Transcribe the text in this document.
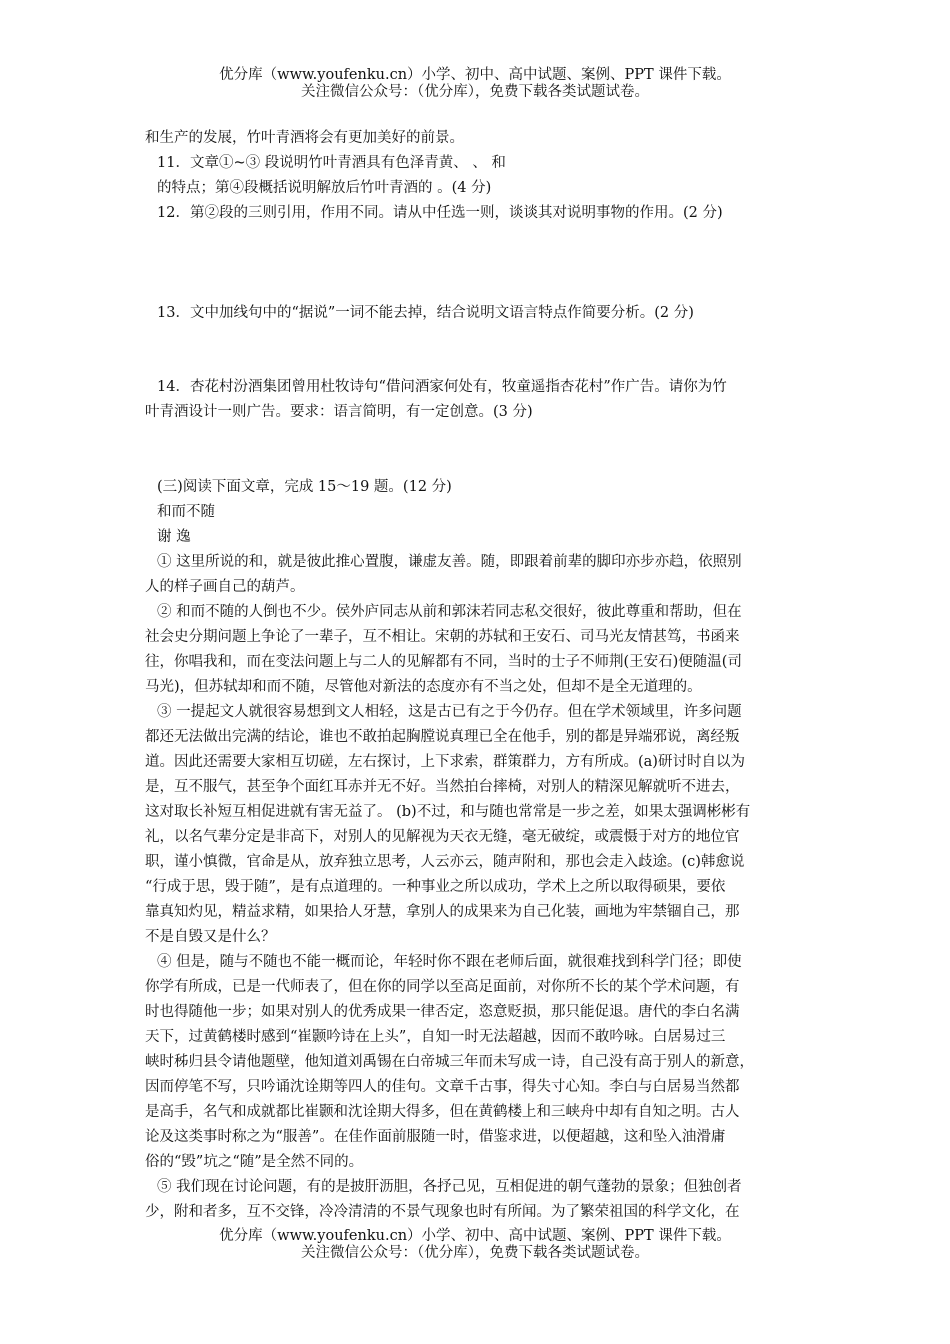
优分库（www.youfenku.cn）小学、初中、高中试题、案例、PPT 课件下载。
关注微信公众号：（优分库），免费下载各类试题试卷。
和生产的发展，竹叶青酒将会有更加美好的前景。
11．文章①~③ 段说明竹叶青酒具有色泽青黄、 、 和
的特点；第④段概括说明解放后竹叶青酒的 。(4 分)
12．第②段的三则引用，作用不同。请从中任选一则，谈谈其对说明事物的作用。(2 分)
13．文中加线句中的“据说”一词不能去掉，结合说明文语言特点作简要分析。(2 分)
14．杏花村汾酒集团曾用杜牧诗句“借问酒家何处有，牧童遥指杏花村”作广告。请你为竹
叶青酒设计一则广告。要求：语言简明，有一定创意。(3 分)
(三)阅读下面文章，完成 15～19 题。(12 分)
和而不随
谢 逸
① 这里所说的和，就是彼此推心置腹，谦虚友善。随，即跟着前辈的脚印亦步亦趋，依照别
人的样子画自己的葫芦。
② 和而不随的人倒也不少。侯外庐同志从前和郭沫若同志私交很好，彼此尊重和帮助，但在
社会史分期问题上争论了一辈子，互不相让。宋朝的苏轼和王安石、司马光友情甚笃，书函来
往，你唱我和，而在变法问题上与二人的见解都有不同，当时的士子不师荆(王安石)便随温(司
马光)，但苏轼却和而不随，尽管他对新法的态度亦有不当之处，但却不是全无道理的。
③ 一提起文人就很容易想到文人相轻，这是古已有之于今仍存。但在学术领域里，许多问题
都还无法做出完满的结论，谁也不敢拍起胸膛说真理已全在他手，别的都是异端邪说，离经叛
道。因此还需要大家相互切磋，左右探讨，上下求索，群策群力，方有所成。(a)研讨时自以为
是，互不服气，甚至争个面红耳赤并无不好。当然拍台摔椅，对别人的精深见解就听不进去，
这对取长补短互相促进就有害无益了。 (b)不过，和与随也常常是一步之差，如果太强调彬彬有
礼，以名气辈分定是非高下，对别人的见解视为天衣无缝，毫无破绽，或震慑于对方的地位官
职，谨小慎微，官命是从，放弃独立思考，人云亦云，随声附和，那也会走入歧途。(c)韩愈说
“行成于思，毁于随”，是有点道理的。一种事业之所以成功，学术上之所以取得硕果，要依
靠真知灼见，精益求精，如果拾人牙慧，拿别人的成果来为自己化装，画地为牢禁锢自己，那
不是自毁又是什么？
④ 但是，随与不随也不能一概而论，年轻时你不跟在老师后面，就很难找到科学门径；即使
你学有所成，已是一代师表了，但在你的同学以至高足面前，对你所不长的某个学术问题，有
时也得随他一步；如果对别人的优秀成果一律否定，恣意贬损，那只能促退。唐代的李白名满
天下，过黄鹤楼时感到“崔颢吟诗在上头”，自知一时无法超越，因而不敢吟咏。白居易过三
峡时秭归县令请他题壁，他知道刘禹锡在白帝城三年而未写成一诗，自己没有高于别人的新意，
因而停笔不写，只吟诵沈诠期等四人的佳句。文章千古事，得失寸心知。李白与白居易当然都
是高手，名气和成就都比崔颢和沈诠期大得多，但在黄鹤楼上和三峡舟中却有自知之明。古人
论及这类事时称之为“服善”。在佳作面前服随一时，借鉴求进，以便超越，这和坠入油滑庸
俗的“毁”坑之“随”是全然不同的。
⑤ 我们现在讨论问题，有的是披肝沥胆，各抒己见，互相促进的朝气蓬勃的景象；但独创者
少，附和者多，互不交锋，冷冷清清的不景气现象也时有所闻。为了繁荣祖国的科学文化，在
优分库（www.youfenku.cn）小学、初中、高中试题、案例、PPT 课件下载。
关注微信公众号：（优分库），免费下载各类试题试卷。
